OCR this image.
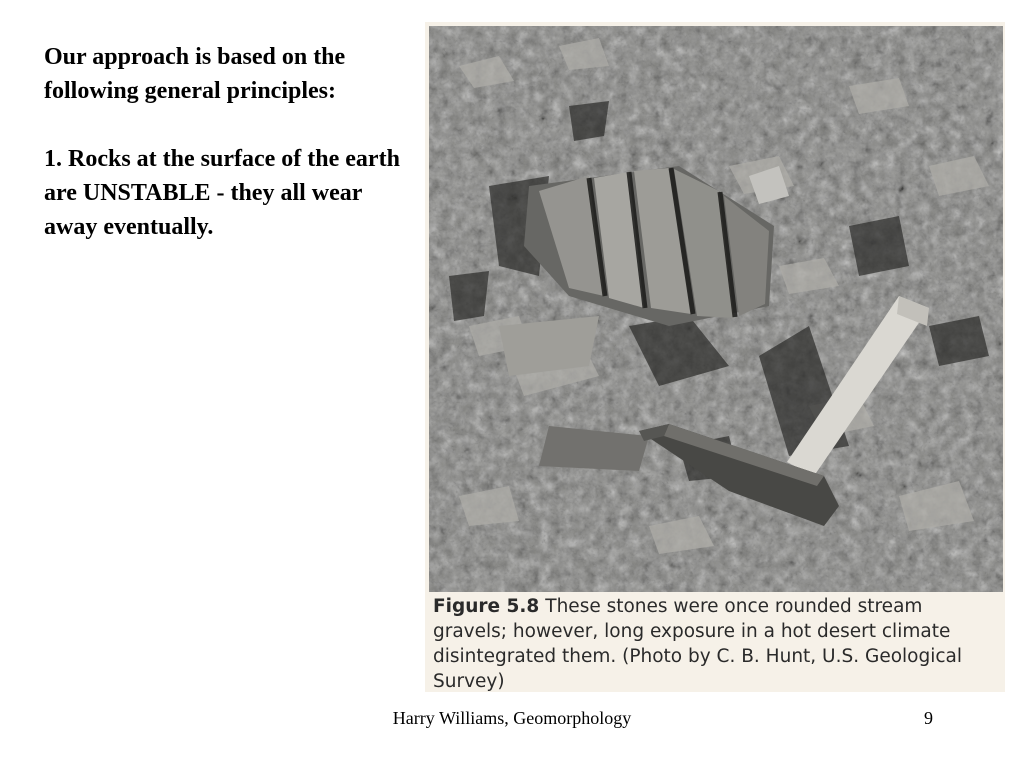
Our approach is based on the following general principles:

1. Rocks at the surface of the earth are UNSTABLE - they all wear away eventually.
Figure 5.8 These stones were once rounded stream gravels; however, long exposure in a hot desert climate disintegrated them. (Photo by C. B. Hunt, U.S. Geological Survey)
Harry Williams, Geomorphology	9
